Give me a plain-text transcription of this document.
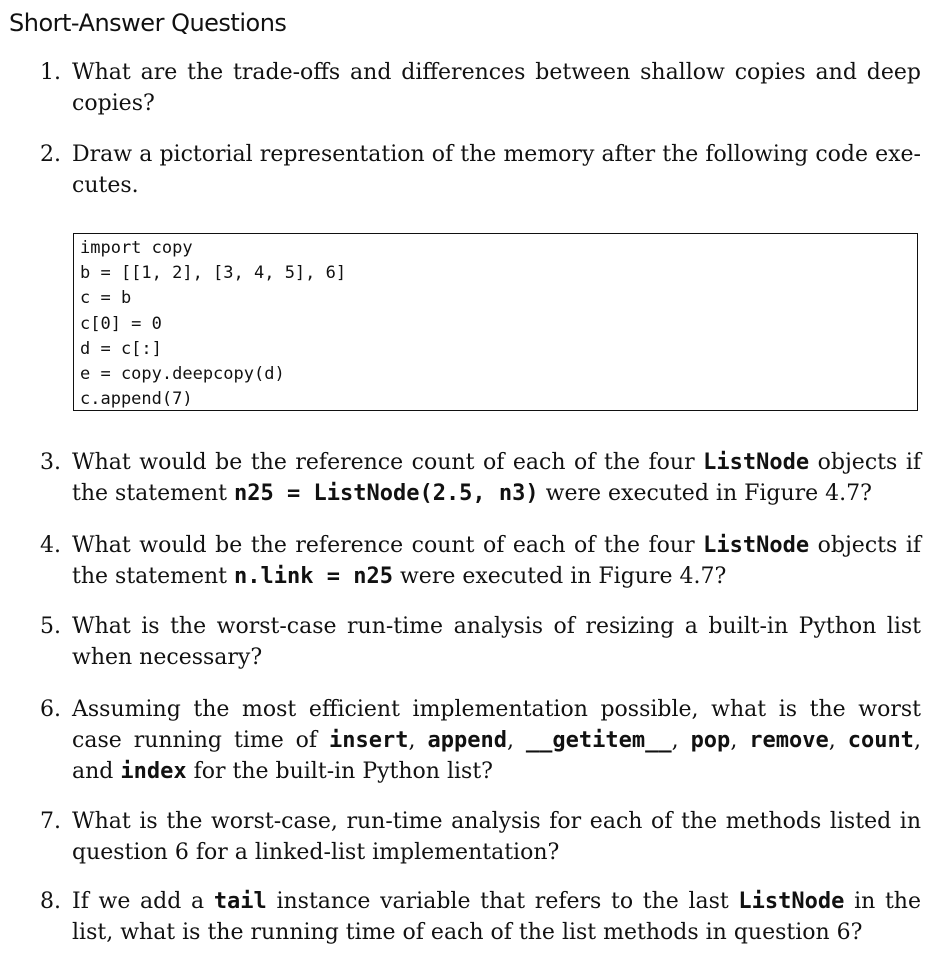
Short-Answer Questions
1. What are the trade-offs and differences between shallow copies and deep copies?
2. Draw a pictorial representation of the memory after the following code exe-cutes.
import copy
b = [[1, 2], [3, 4, 5], 6]
c = b
c[0] = 0
d = c[:]
e = copy.deepcopy(d)
c.append(7)
3. What would be the reference count of each of the four ListNode objects if the statement n25 = ListNode(2.5, n3) were executed in Figure 4.7?
4. What would be the reference count of each of the four ListNode objects if the statement n.link = n25 were executed in Figure 4.7?
5. What is the worst-case run-time analysis of resizing a built-in Python list when necessary?
6. Assuming the most efficient implementation possible, what is the worst case running time of insert, append, __getitem__, pop, remove, count, and index for the built-in Python list?
7. What is the worst-case, run-time analysis for each of the methods listed in question 6 for a linked-list implementation?
8. If we add a tail instance variable that refers to the last ListNode in the list, what is the running time of each of the list methods in question 6?
